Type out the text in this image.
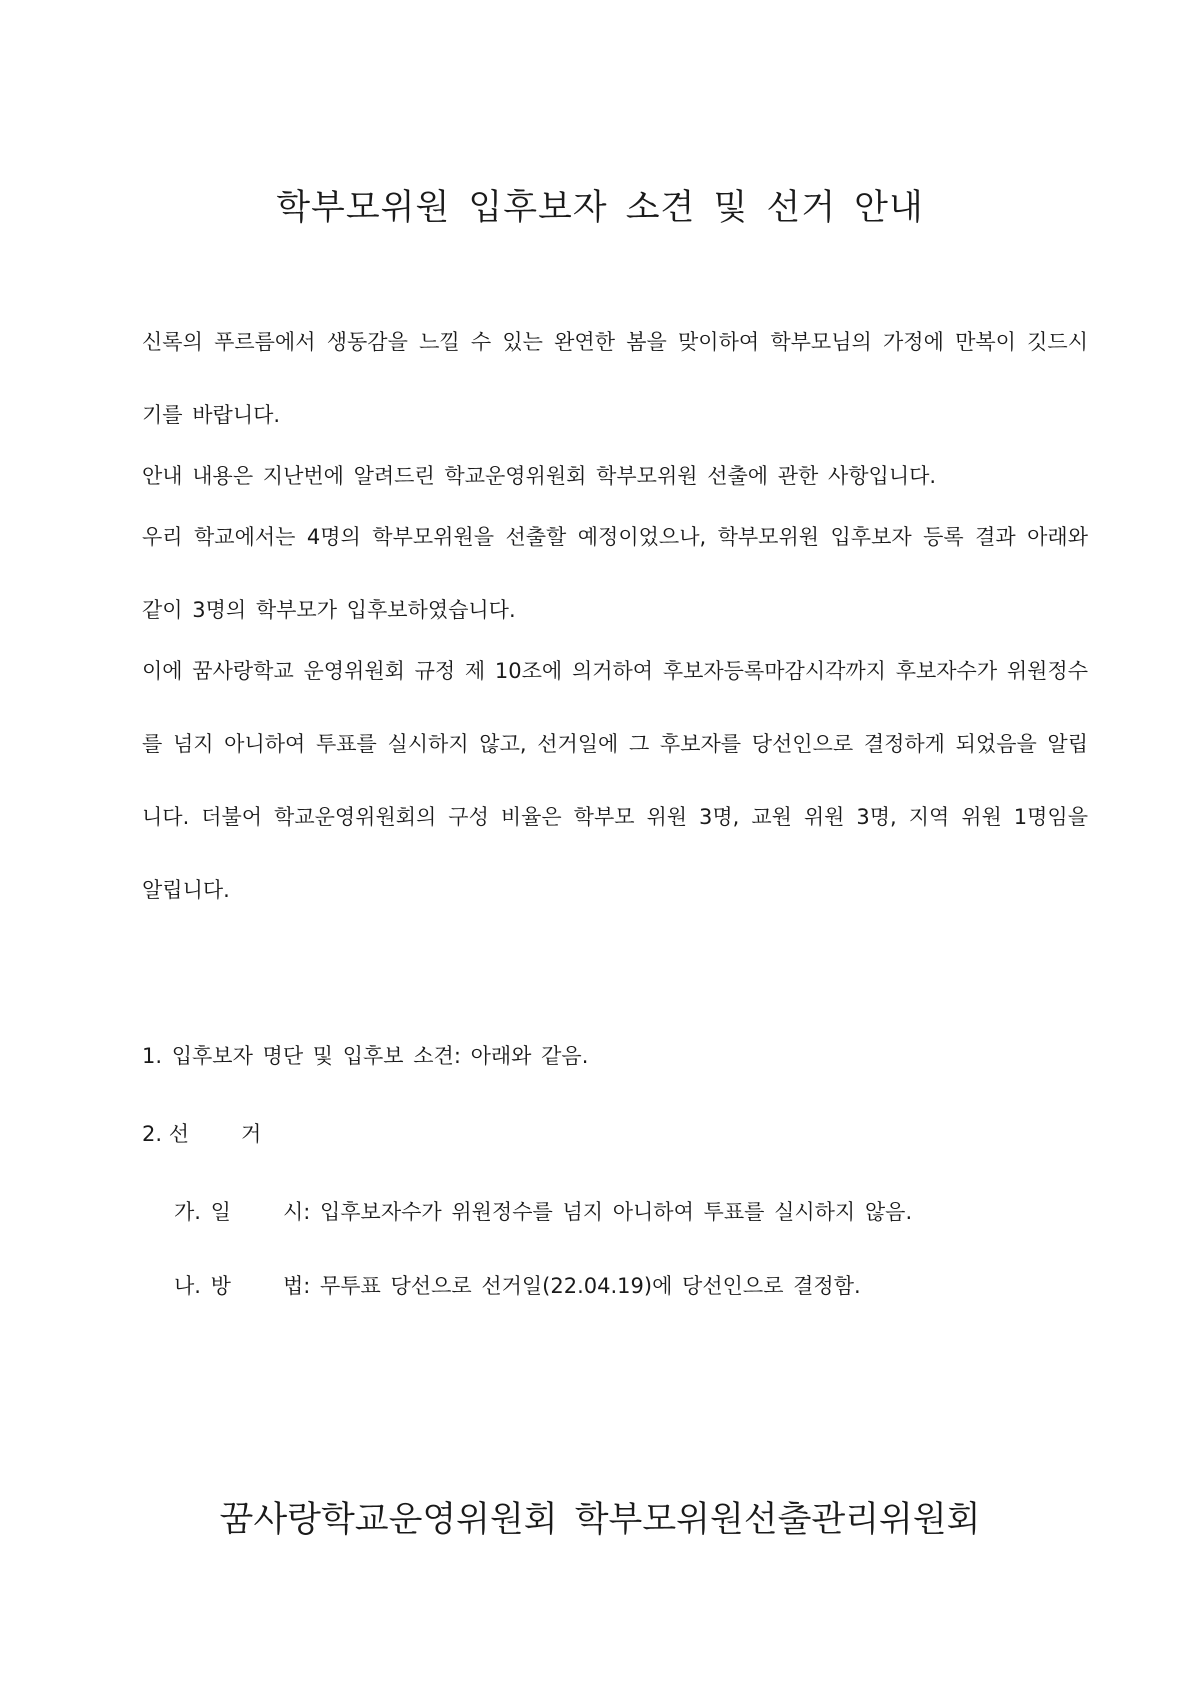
학부모위원 입후보자 소견 및 선거 안내

신록의 푸르름에서 생동감을 느낄 수 있는 완연한 봄을 맞이하여 학부모님의 가정에 만복이 깃드시기를 바랍니다.

안내 내용은 지난번에 알려드린 학교운영위원회 학부모위원 선출에 관한 사항입니다.

우리 학교에서는 4명의 학부모위원을 선출할 예정이었으나, 학부모위원 입후보자 등록 결과 아래와 같이 3명의 학부모가 입후보하였습니다.

이에 꿈사랑학교 운영위원회 규정 제 10조에 의거하여 후보자등록마감시각까지 후보자수가 위원정수를 넘지 아니하여 투표를 실시하지 않고, 선거일에 그 후보자를 당선인으로 결정하게 되었음을 알립니다. 더불어 학교운영위원회의 구성 비율은 학부모 위원 3명, 교원 위원 3명, 지역 위원 1명임을 알립니다.

1. 입후보자 명단 및 입후보 소견: 아래와 같음.
2. 선 거
가. 일 시: 입후보자수가 위원정수를 넘지 아니하여 투표를 실시하지 않음.
나. 방 법: 무투표 당선으로 선거일(22.04.19)에 당선인으로 결정함.
꿈사랑학교운영위원회 학부모위원선출관리위원회
